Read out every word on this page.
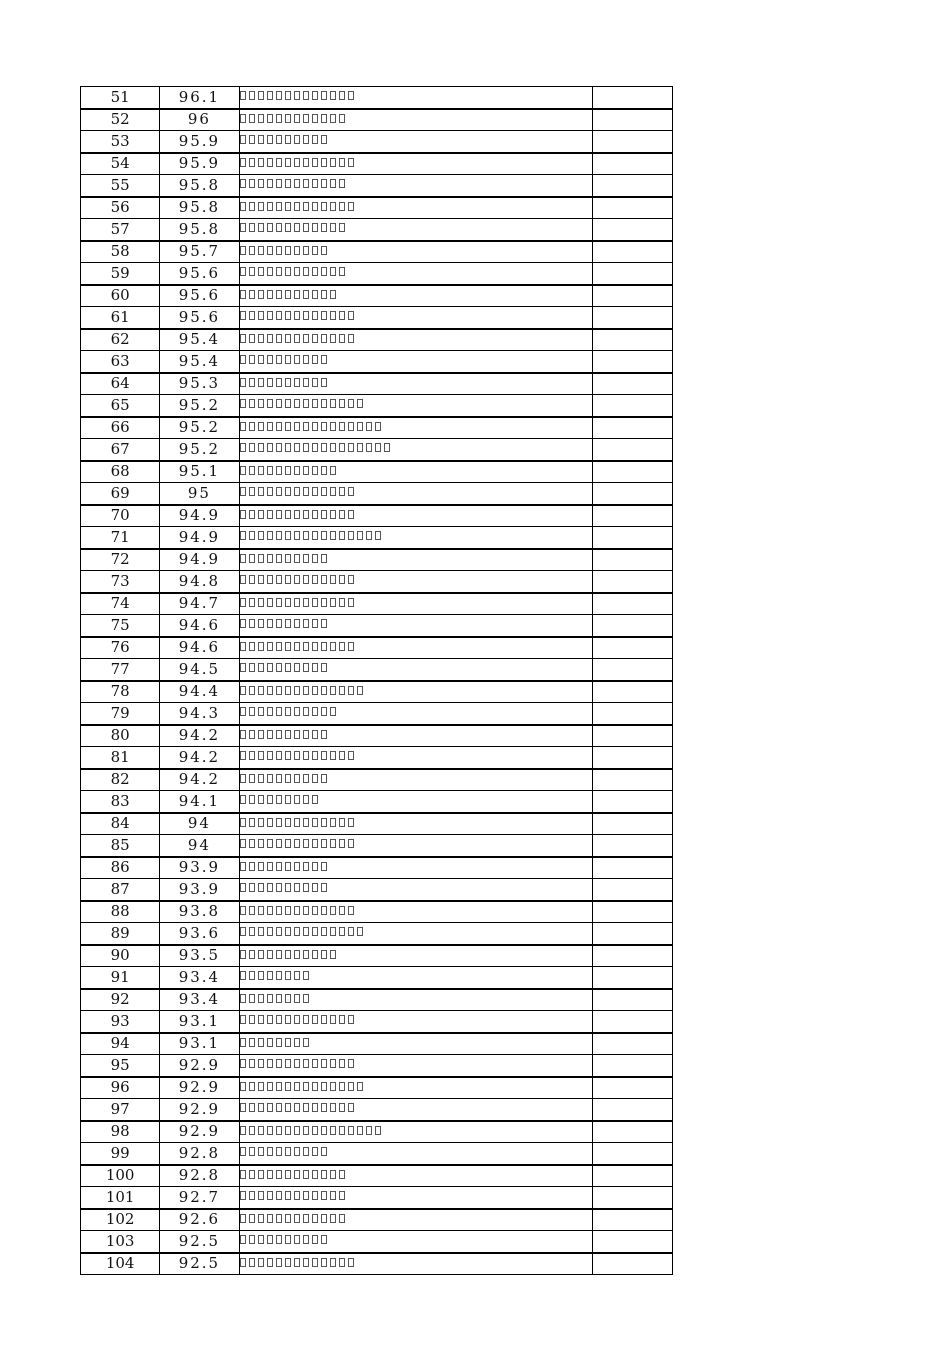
51	96.1		
52	96		
53	95.9		
54	95.9		
55	95.8		
56	95.8		
57	95.8		
58	95.7		
59	95.6		
60	95.6		
61	95.6		
62	95.4		
63	95.4		
64	95.3		
65	95.2		
66	95.2		
67	95.2		
68	95.1		
69	95		
70	94.9		
71	94.9		
72	94.9		
73	94.8		
74	94.7		
75	94.6		
76	94.6		
77	94.5		
78	94.4		
79	94.3		
80	94.2		
81	94.2		
82	94.2		
83	94.1		
84	94		
85	94		
86	93.9		
87	93.9		
88	93.8		
89	93.6		
90	93.5		
91	93.4		
92	93.4		
93	93.1		
94	93.1		
95	92.9		
96	92.9		
97	92.9		
98	92.9		
99	92.8		
100	92.8		
101	92.7		
102	92.6		
103	92.5		
104	92.5		
